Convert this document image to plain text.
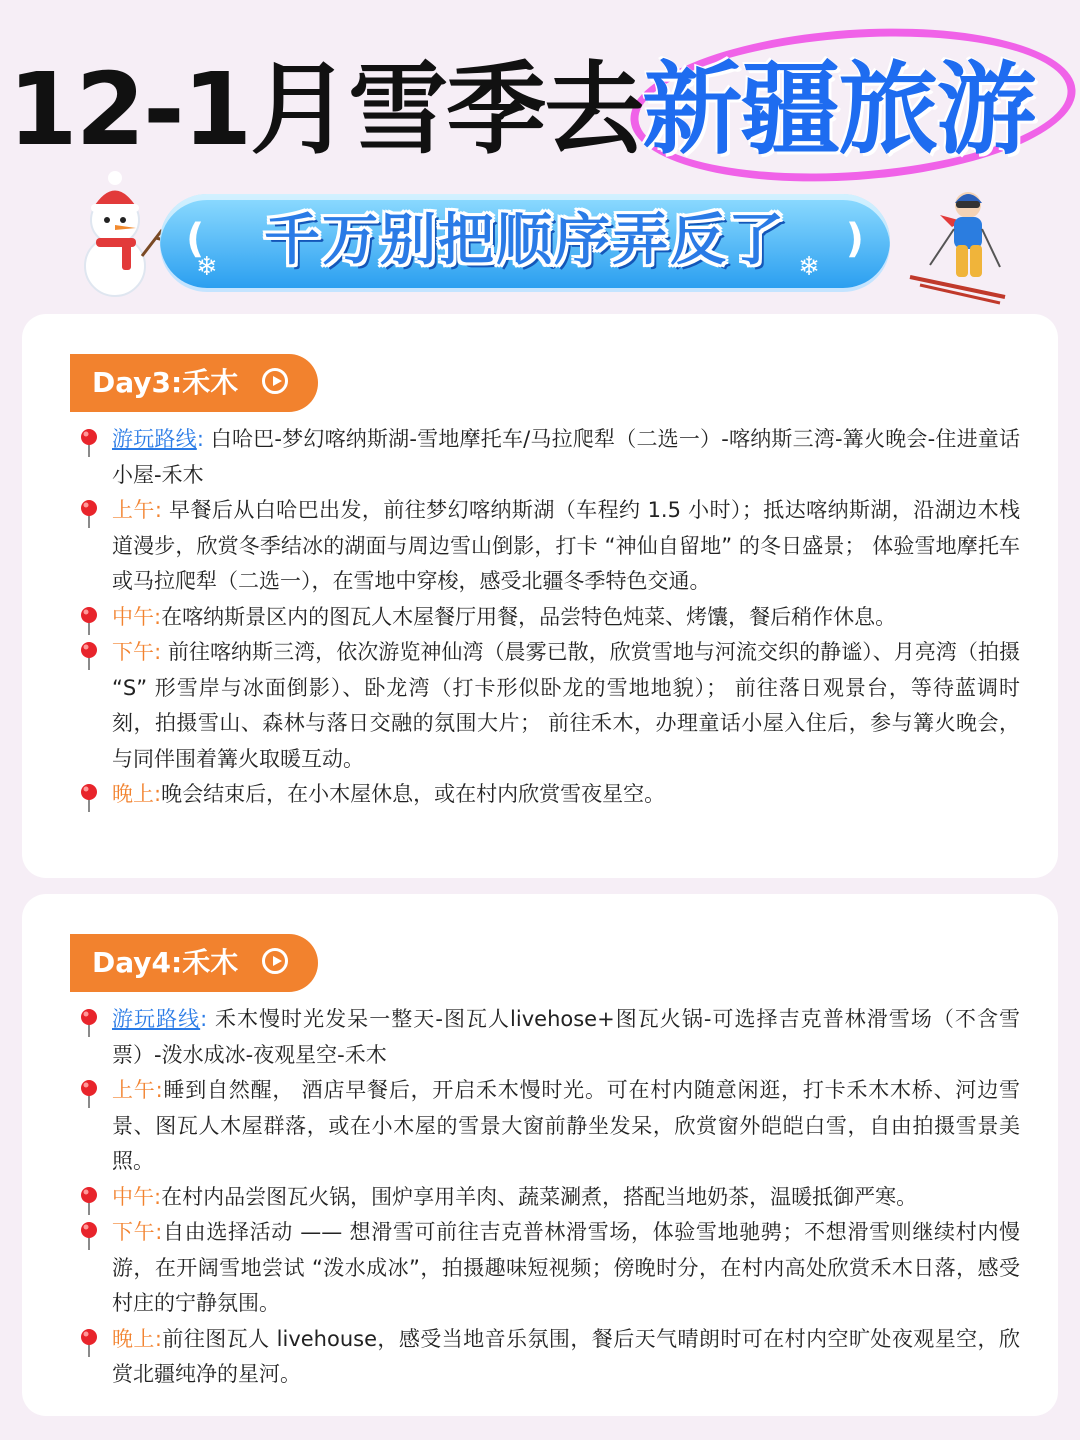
12-1月雪季去新疆旅游
(	)
❄	❄
千万别把顺序弄反了
Day3:禾木
游玩路线: 白哈巴-梦幻喀纳斯湖-雪地摩托车/马拉爬犁（二选一）-喀纳斯三湾-篝火晚会-住进童话小屋-禾木
上午: 早餐后从白哈巴出发，前往梦幻喀纳斯湖（车程约 1.5 小时）；抵达喀纳斯湖，沿湖边木栈道漫步，欣赏冬季结冰的湖面与周边雪山倒影，打卡 “神仙自留地” 的冬日盛景； 体验雪地摩托车或马拉爬犁（二选一），在雪地中穿梭，感受北疆冬季特色交通。
中午:在喀纳斯景区内的图瓦人木屋餐厅用餐，品尝特色炖菜、烤馕，餐后稍作休息。
下午: 前往喀纳斯三湾，依次游览神仙湾（晨雾已散，欣赏雪地与河流交织的静谧）、月亮湾（拍摄 “S” 形雪岸与冰面倒影）、卧龙湾（打卡形似卧龙的雪地地貌）； 前往落日观景台，等待蓝调时刻，拍摄雪山、森林与落日交融的氛围大片； 前往禾木，办理童话小屋入住后，参与篝火晚会，与同伴围着篝火取暖互动。
晚上:晚会结束后，在小木屋休息，或在村内欣赏雪夜星空。
Day4:禾木
游玩路线: 禾木慢时光发呆一整天-图瓦人livehose+图瓦火锅-可选择吉克普林滑雪场（不含雪票）-泼水成冰-夜观星空-禾木
上午:睡到自然醒， 酒店早餐后，开启禾木慢时光。可在村内随意闲逛，打卡禾木木桥、河边雪景、图瓦人木屋群落，或在小木屋的雪景大窗前静坐发呆，欣赏窗外皑皑白雪，自由拍摄雪景美照。
中午:在村内品尝图瓦火锅，围炉享用羊肉、蔬菜涮煮，搭配当地奶茶，温暖抵御严寒。
下午:自由选择活动 —— 想滑雪可前往吉克普林滑雪场，体验雪地驰骋；不想滑雪则继续村内慢游，在开阔雪地尝试 “泼水成冰”，拍摄趣味短视频；傍晚时分，在村内高处欣赏禾木日落，感受村庄的宁静氛围。
晚上:前往图瓦人 livehouse，感受当地音乐氛围，餐后天气晴朗时可在村内空旷处夜观星空，欣赏北疆纯净的星河。
